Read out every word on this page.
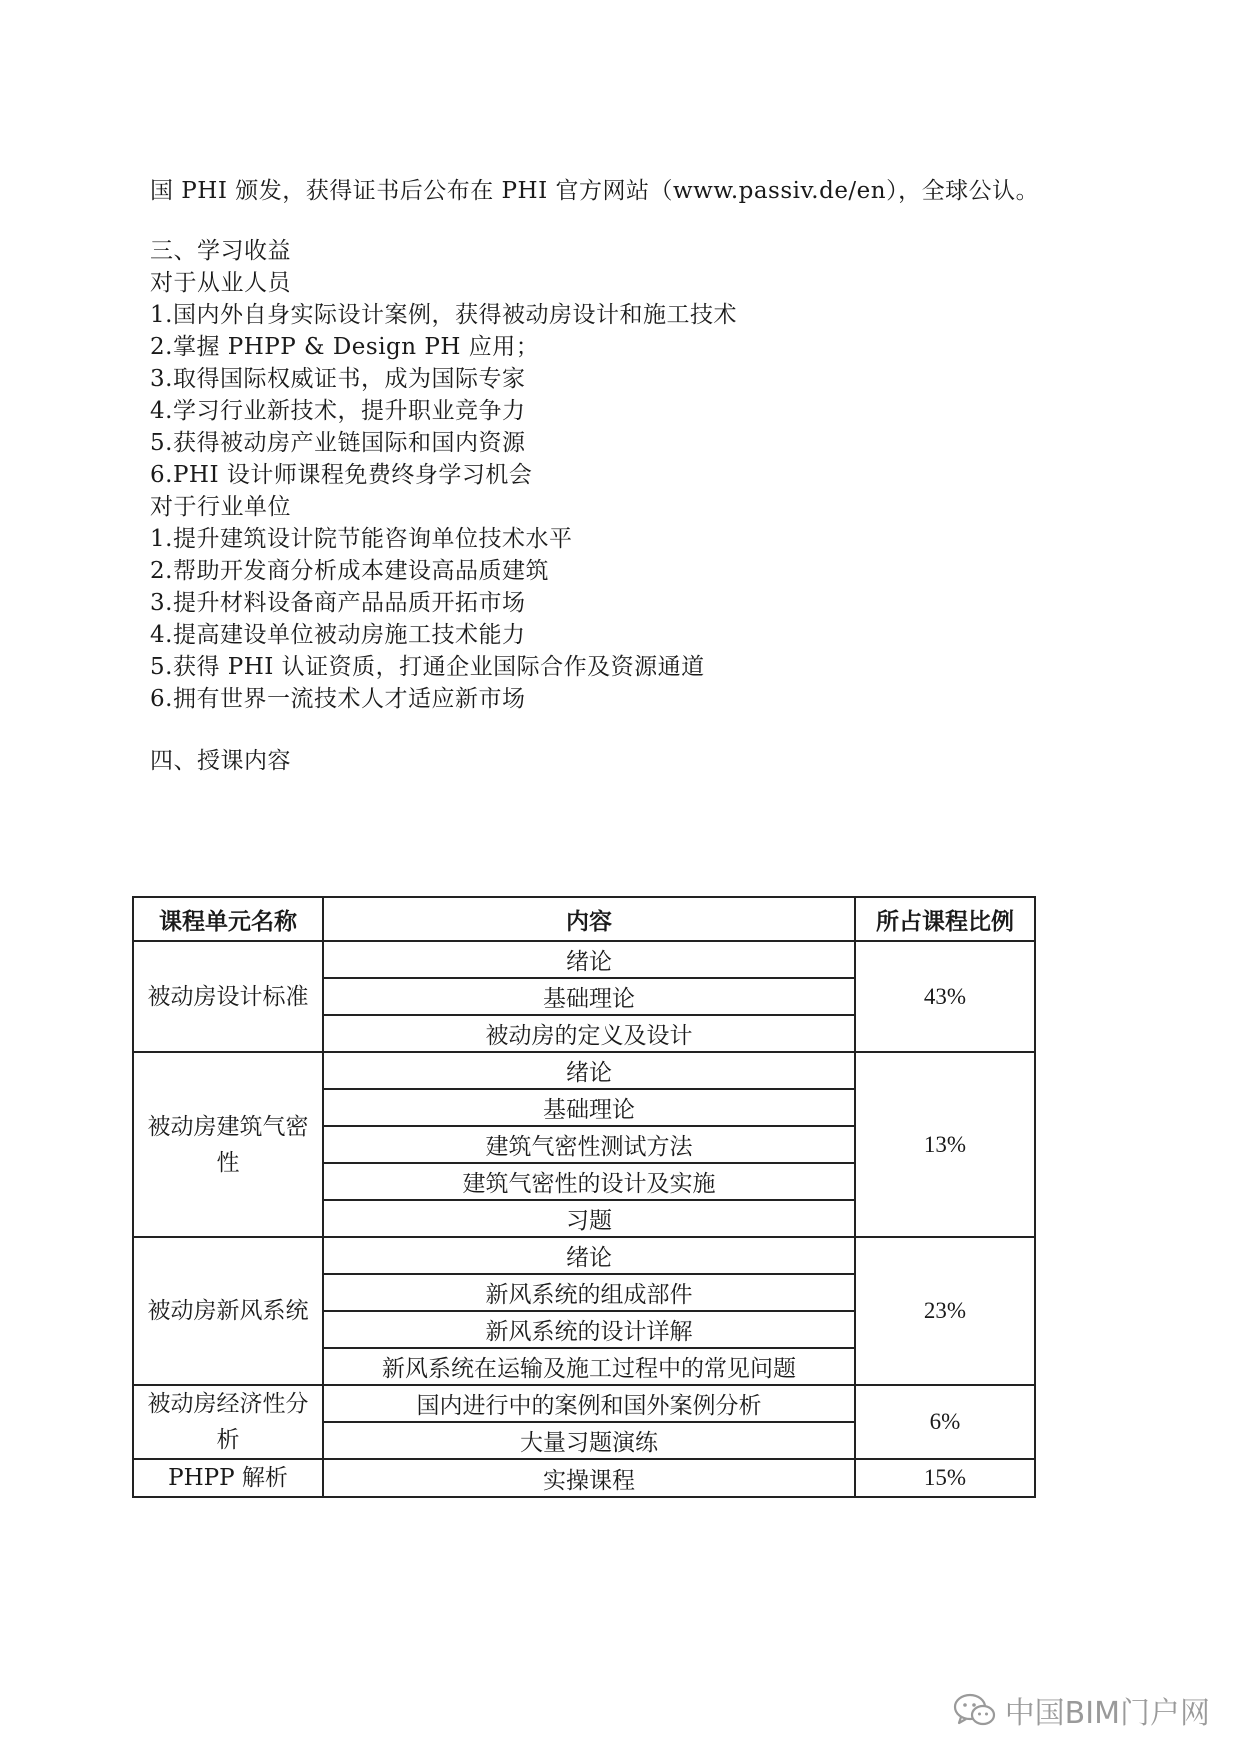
国 PHI 颁发，获得证书后公布在 PHI 官方网站（www.passiv.de/en），全球公认。
三、学习收益
对于从业人员
1.国内外自身实际设计案例，获得被动房设计和施工技术
2.掌握 PHPP & Design PH 应用；
3.取得国际权威证书，成为国际专家
4.学习行业新技术，提升职业竞争力
5.获得被动房产业链国际和国内资源
6.PHI 设计师课程免费终身学习机会
对于行业单位
1.提升建筑设计院节能咨询单位技术水平
2.帮助开发商分析成本建设高品质建筑
3.提升材料设备商产品品质开拓市场
4.提高建设单位被动房施工技术能力
5.获得 PHI 认证资质，打通企业国际合作及资源通道
6.拥有世界一流技术人才适应新市场
四、授课内容
课程单元名称	内容	所占课程比例
被动房设计标准	绪论	43%
	基础理论	
	被动房的定义及设计	
被动房建筑气密性	绪论	13%
	基础理论	
	建筑气密性测试方法	
	建筑气密性的设计及实施	
	习题	
被动房新风系统	绪论	23%
	新风系统的组成部件	
	新风系统的设计详解	
	新风系统在运输及施工过程中的常见问题	
被动房经济性分析	国内进行中的案例和国外案例分析	6%
	大量习题演练	
PHPP 解析	实操课程	15%
中国BIM门户网
